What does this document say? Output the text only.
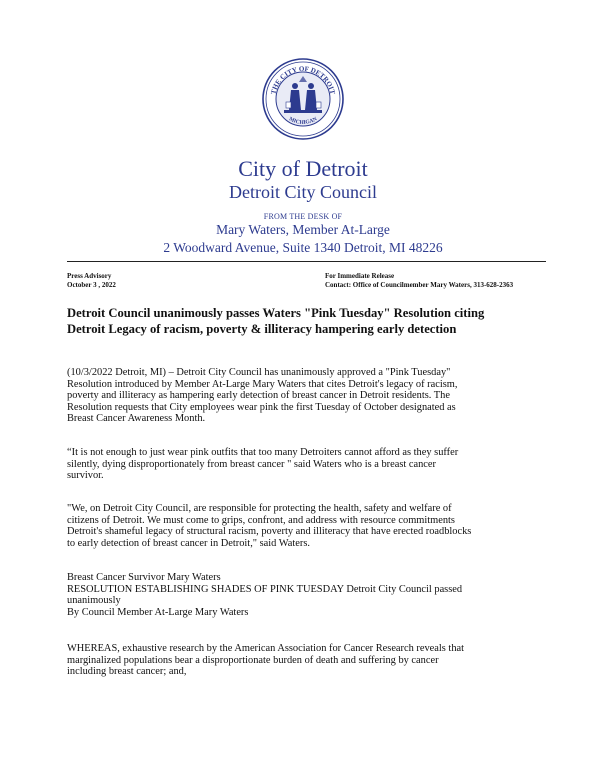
THE CITY OF DETROIT
MICHIGAN
City of Detroit
Detroit City Council
FROM THE DESK OF
Mary Waters, Member At-Large
2 Woodward Avenue, Suite 1340 Detroit, MI 48226
Press Advisory
October 3 , 2022
For Immediate Release
Contact: Office of Councilmember Mary Waters, 313-628-2363
Detroit Council unanimously passes Waters "Pink Tuesday" Resolution citing
Detroit Legacy of racism, poverty & illiteracy hampering early detection
(10/3/2022 Detroit, MI) – Detroit City Council has unanimously approved a "Pink Tuesday"
Resolution introduced by Member At-Large Mary Waters that cites Detroit's legacy of racism,
poverty and illiteracy as hampering early detection of breast cancer in Detroit residents. The
Resolution requests that City employees wear pink the first Tuesday of October designated as
Breast Cancer Awareness Month.
“It is not enough to just wear pink outfits that too many Detroiters cannot afford as they suffer
silently, dying disproportionately from breast cancer " said Waters who is a breast cancer
survivor.
"We, on Detroit City Council, are responsible for protecting the health, safety and welfare of
citizens of Detroit. We must come to grips, confront, and address with resource commitments
Detroit's shameful legacy of structural racism, poverty and illiteracy that have erected roadblocks
to early detection of breast cancer in Detroit," said Waters.
Breast Cancer Survivor Mary Waters
RESOLUTION ESTABLISHING SHADES OF PINK TUESDAY Detroit City Council passed
unanimously
By Council Member At-Large Mary Waters
WHEREAS, exhaustive research by the American Association for Cancer Research reveals that
marginalized populations bear a disproportionate burden of death and suffering by cancer
including breast cancer; and,
